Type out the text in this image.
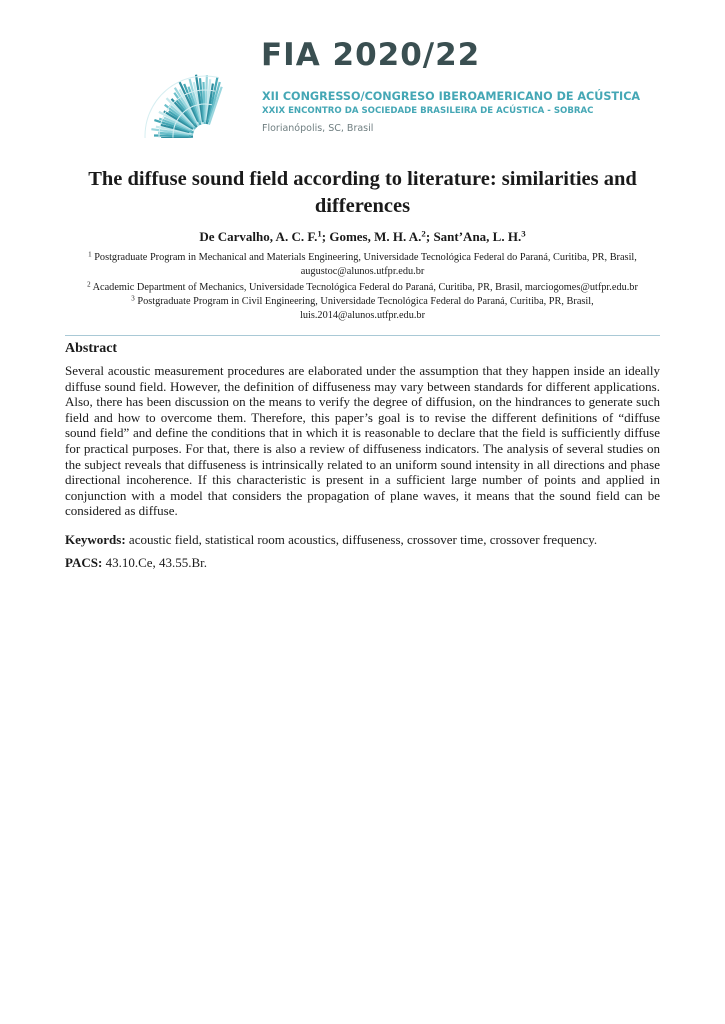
FIA 2020/22
XII CONGRESSO/CONGRESO IBEROAMERICANO DE ACÚSTICA
XXIX ENCONTRO DA SOCIEDADE BRASILEIRA DE ACÚSTICA - SOBRAC
Florianópolis, SC, Brasil
The diffuse sound field according to literature: similarities and differences
De Carvalho, A. C. F.$^1$; Gomes, M. H. A.$^2$; Sant’Ana, L. H.$^3$
$^1$ Postgraduate Program in Mechanical and Materials Engineering, Universidade Tecnológica Federal do Paraná, Curitiba, PR, Brasil,
augustoc@alunos.utfpr.edu.br
$^2$ Academic Department of Mechanics, Universidade Tecnológica Federal do Paraná, Curitiba, PR, Brasil, marciogomes@utfpr.edu.br
$^3$ Postgraduate Program in Civil Engineering, Universidade Tecnológica Federal do Paraná, Curitiba, PR, Brasil,
luis.2014@alunos.utfpr.edu.br
Abstract

Several acoustic measurement procedures are elaborated under the assumption that they happen inside an ideally diffuse sound field. However, the definition of diffuseness may vary between standards for different applications. Also, there has been discussion on the means to verify the degree of diffusion, on the hindrances to generate such field and how to overcome them. Therefore, this paper’s goal is to revise the different definitions of “diffuse sound field” and define the conditions that in which it is reasonable to declare that the field is sufficiently diffuse for practical purposes. For that, there is also a review of diffuseness indicators. The analysis of several studies on the subject reveals that diffuseness is intrinsically related to an uniform sound intensity in all directions and phase directional incoherence. If this characteristic is present in a sufficient large number of points and applied in conjunction with a model that considers the propagation of plane waves, it means that the sound field can be considered as diffuse.

Keywords: acoustic field, statistical room acoustics, diffuseness, crossover time, crossover frequency.

PACS: 43.10.Ce, 43.55.Br.
